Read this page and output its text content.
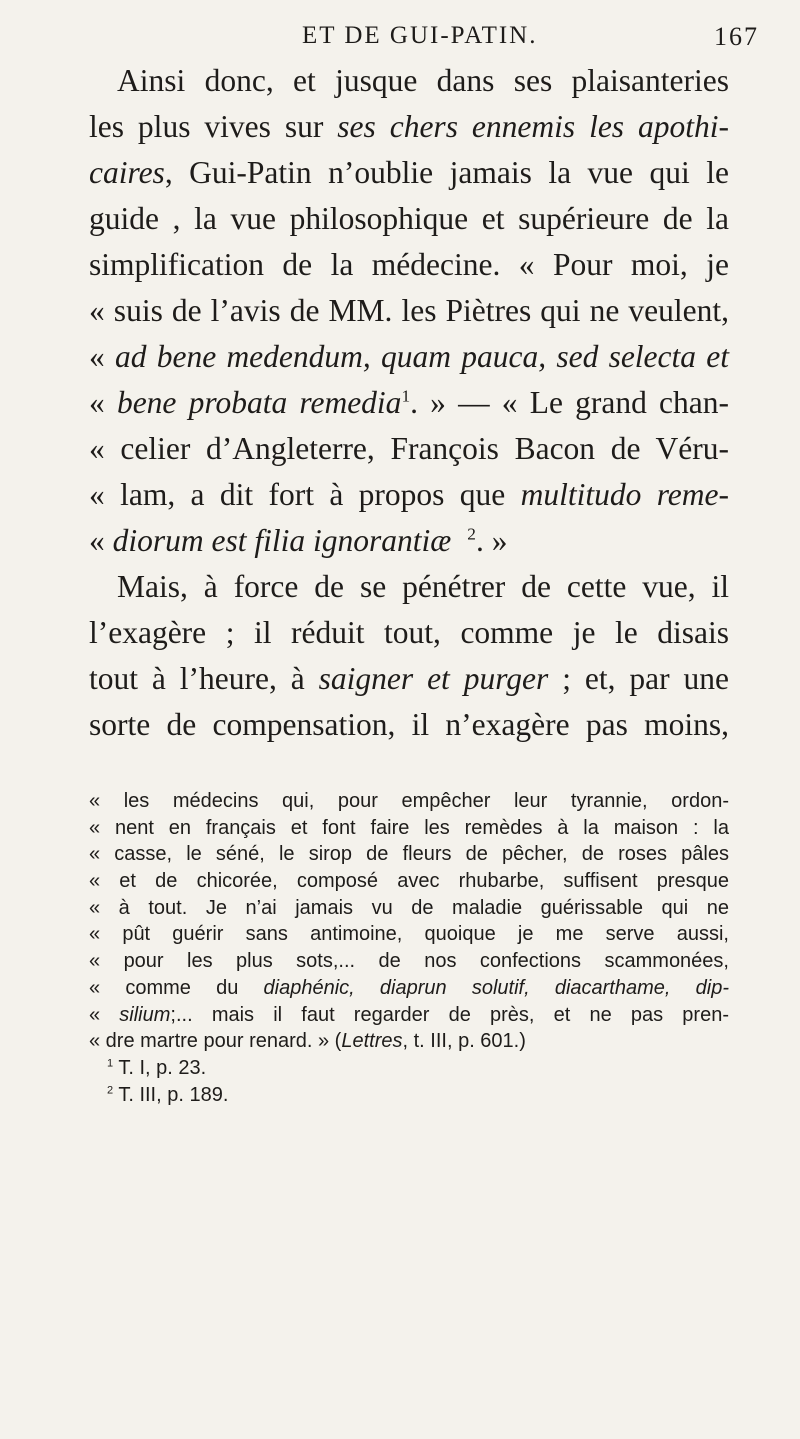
ET DE GUI-PATIN.	167
Ainsi donc, et jusque dans ses plaisanteries
les plus vives sur ses chers ennemis les apothi-
caires, Gui-Patin n’oublie jamais la vue qui le
guide , la vue philosophique et supérieure de la
simplification de la médecine. « Pour moi, je
« suis de l’avis de MM. les Piètres qui ne veulent,
« ad bene medendum, quam pauca, sed selecta et
« bene probata remedia$^1$. » — « Le grand chan-
« celier d’Angleterre, François Bacon de Véru-
« lam, a dit fort à propos que multitudo reme-
« diorum est filia ignorantiæ $^2$. »
Mais, à force de se pénétrer de cette vue, il
l’exagère ; il réduit tout, comme je le disais
tout à l’heure, à saigner et purger ; et, par une
sorte de compensation, il n’exagère pas moins,
« les médecins qui, pour empêcher leur tyrannie, ordon-
« nent en français et font faire les remèdes à la maison : la
« casse, le séné, le sirop de fleurs de pêcher, de roses pâles
« et de chicorée, composé avec rhubarbe, suffisent presque
« à tout. Je n’ai jamais vu de maladie guérissable qui ne
« pût guérir sans antimoine, quoique je me serve aussi,
« pour les plus sots,... de nos confections scammonées,
« comme du diaphénic, diaprun solutif, diacarthame, dip-
« silium;... mais il faut regarder de près, et ne pas pren-
« dre martre pour renard. » (Lettres, t. III, p. 601.)
$^1$ T. I, p. 23.
$^2$ T. III, p. 189.
